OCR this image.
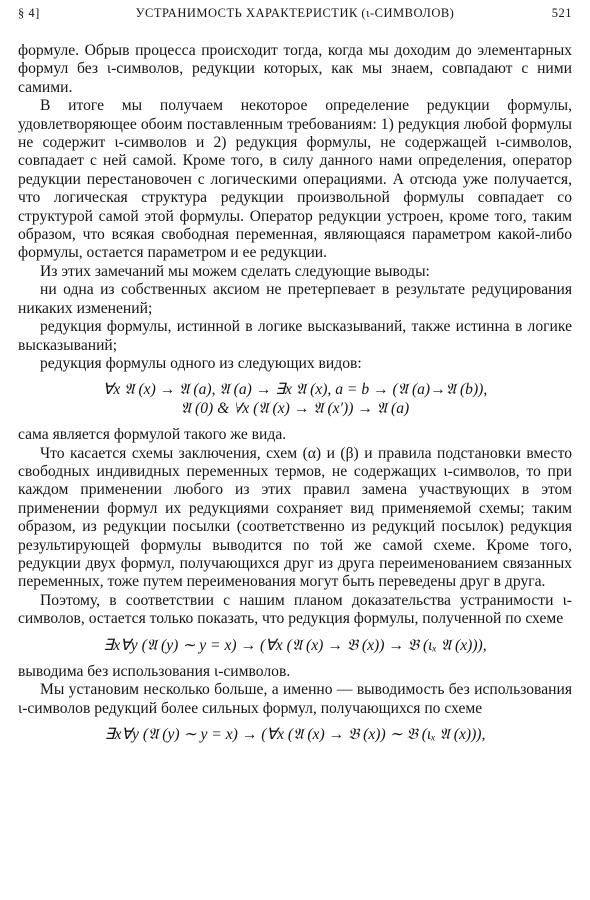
§ 4]	УСТРАНИМОСТЬ ХАРАКТЕРИСТИК (ι-СИМВОЛОВ)	521

формуле. Обрыв процесса происходит тогда, когда мы доходим до элементарных формул без ι-символов, редукции которых, как мы знаем, совпадают с ними самими.

В итоге мы получаем некоторое определение редукции формулы, удовлетворяющее обоим поставленным требованиям: 1) редукция любой формулы не содержит ι-символов и 2) редукция формулы, не содержащей ι-символов, совпадает с ней самой. Кроме того, в силу данного нами определения, оператор редукции перестановочен с логическими операциями. А отсюда уже получается, что логическая структура редукции произвольной формулы совпадает со структурой самой этой формулы. Оператор редукции устроен, кроме того, таким образом, что всякая свободная переменная, являющаяся параметром какой-либо формулы, остается параметром и ее редукции.

Из этих замечаний мы можем сделать следующие выводы:

ни одна из собственных аксиом не претерпевает в результате редуцирования никаких изменений;

редукция формулы, истинной в логике высказываний, также истинна в логике высказываний;

редукция формулы одного из следующих видов:

∀x 𝔄 (x) → 𝔄 (a), 𝔄 (a) → ∃x 𝔄 (x), a = b → (𝔄 (a)→𝔄 (b)),

𝔄 (0) & ∀x (𝔄 (x) → 𝔄 (x′)) → 𝔄 (a)

сама является формулой такого же вида.

Что касается схемы заключения, схем (α) и (β) и правила подстановки вместо свободных индивидных переменных термов, не содержащих ι-символов, то при каждом применении любого из этих правил замена участвующих в этом применении формул их редукциями сохраняет вид применяемой схемы; таким образом, из редукции посылки (соответственно из редукций посылок) редукция результирующей формулы выводится по той же самой схеме. Кроме того, редукции двух формул, получающихся друг из друга переименованием связанных переменных, тоже путем переименования могут быть переведены друг в друга.

Поэтому, в соответствии с нашим планом доказательства устранимости ι-символов, остается только показать, что редукция формулы, полученной по схеме

∃x∀y (𝔄 (y) ∼ y = x) → (∀x (𝔄 (x) → 𝔅 (x)) → 𝔅 (ιₓ 𝔄 (x))),

выводима без использования ι-символов.

Мы установим несколько больше, а именно — выводимость без использования ι-символов редукций более сильных формул, получающихся по схеме

∃x∀y (𝔄 (y) ∼ y = x) → (∀x (𝔄 (x) → 𝔅 (x)) ∼ 𝔅 (ιₓ 𝔄 (x))),
